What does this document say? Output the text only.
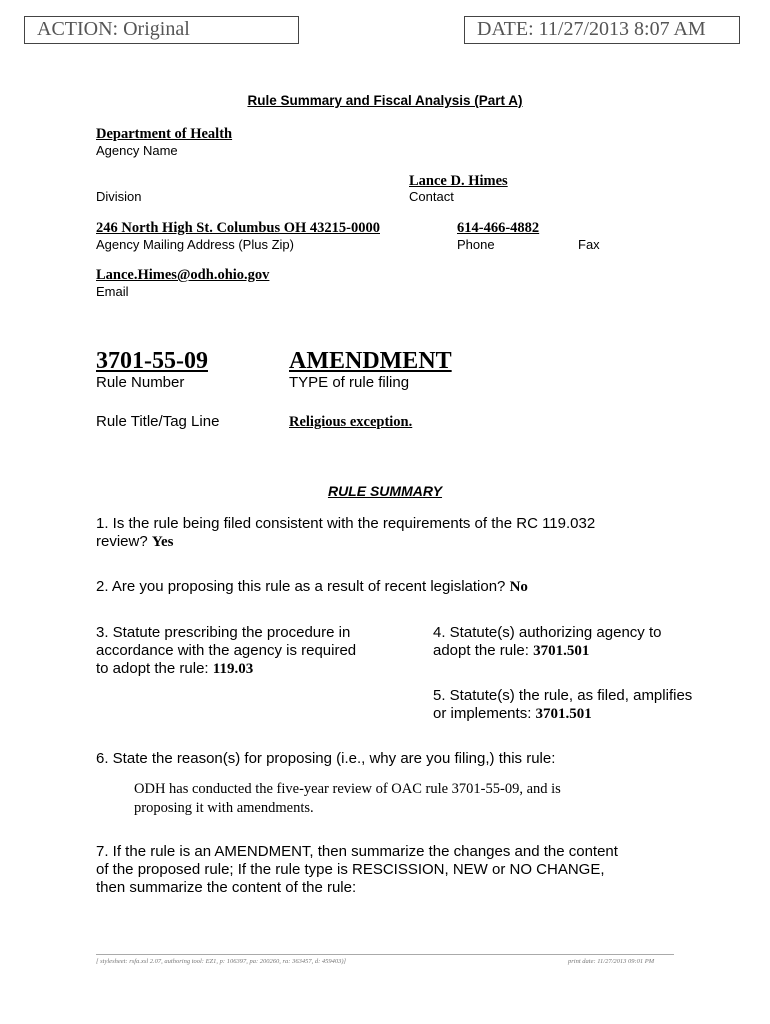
ACTION: Original	DATE: 11/27/2013 8:07 AM
Rule Summary and Fiscal Analysis (Part A)
Department of Health
Agency Name
Lance D. Himes
Division	Contact
246 North High St. Columbus OH 43215-0000	614-466-4882
Agency Mailing Address (Plus Zip)	Phone	Fax
Lance.Himes@odh.ohio.gov
Email
3701-55-09	AMENDMENT
Rule Number	TYPE of rule filing
Rule Title/Tag Line	Religious exception.
RULE SUMMARY
1. Is the rule being filed consistent with the requirements of the RC 119.032
review? Yes
2. Are you proposing this rule as a result of recent legislation? No
3. Statute prescribing the procedure in
accordance with the agency is required
to adopt the rule: 119.03
4. Statute(s) authorizing agency to
adopt the rule: 3701.501
5. Statute(s) the rule, as filed, amplifies
or implements: 3701.501
6. State the reason(s) for proposing (i.e., why are you filing,) this rule:
ODH has conducted the five-year review of OAC rule 3701-55-09, and is
proposing it with amendments.
7. If the rule is an AMENDMENT, then summarize the changes and the content
of the proposed rule; If the rule type is RESCISSION, NEW or NO CHANGE,
then summarize the content of the rule:
[ stylesheet: rsfa.xsl 2.07, authoring tool: EZ1, p: 106397, pa: 200260, ra: 363457, d: 459403)]	print date: 11/27/2013 09:01 PM
